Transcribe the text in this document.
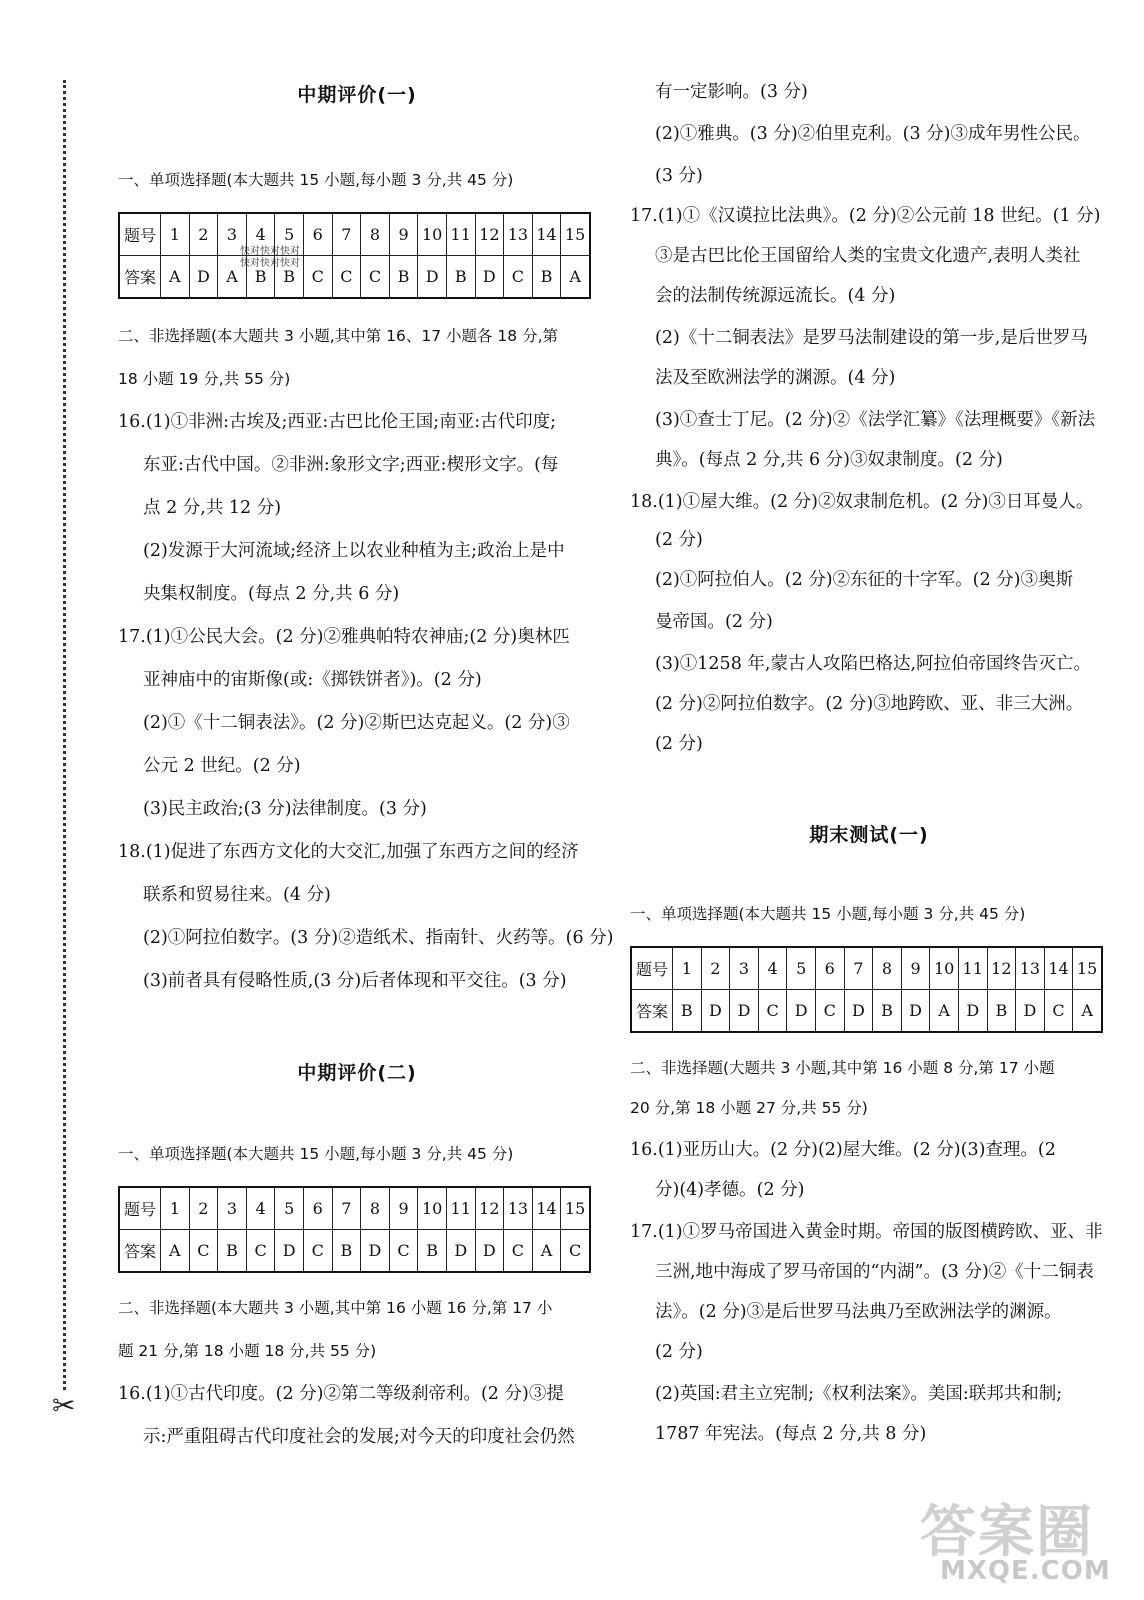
✂
中期评价(一)
一、单项选择题(本大题共 15 小题,每小题 3 分,共 45 分)
题号	1	2	3	4	5	6	7	8	9	10	11	12	13	14	15
答案	A	D	A	B	B	C	C	C	B	D	B	D	C	B	A
快对快对快对
快对快对快对
二、非选择题(本大题共 3 小题,其中第 16、17 小题各 18 分,第
18 小题 19 分,共 55 分)
16.(1)①非洲:古埃及;西亚:古巴比伦王国;南亚:古代印度;
东亚:古代中国。②非洲:象形文字;西亚:楔形文字。(每
点 2 分,共 12 分)
(2)发源于大河流域;经济上以农业种植为主;政治上是中
央集权制度。(每点 2 分,共 6 分)
17.(1)①公民大会。(2 分)②雅典帕特农神庙;(2 分)奥林匹
亚神庙中的宙斯像(或:《掷铁饼者》)。(2 分)
(2)①《十二铜表法》。(2 分)②斯巴达克起义。(2 分)③
公元 2 世纪。(2 分)
(3)民主政治;(3 分)法律制度。(3 分)
18.(1)促进了东西方文化的大交汇,加强了东西方之间的经济
联系和贸易往来。(4 分)
(2)①阿拉伯数字。(3 分)②造纸术、指南针、火药等。(6 分)
(3)前者具有侵略性质,(3 分)后者体现和平交往。(3 分)
中期评价(二)
一、单项选择题(本大题共 15 小题,每小题 3 分,共 45 分)
题号	1	2	3	4	5	6	7	8	9	10	11	12	13	14	15
答案	A	C	B	C	D	C	B	D	C	B	D	D	C	A	C
二、非选择题(本大题共 3 小题,其中第 16 小题 16 分,第 17 小
题 21 分,第 18 小题 18 分,共 55 分)
16.(1)①古代印度。(2 分)②第二等级刹帝利。(2 分)③提
示:严重阻碍古代印度社会的发展;对今天的印度社会仍然
有一定影响。(3 分)
(2)①雅典。(3 分)②伯里克利。(3 分)③成年男性公民。
(3 分)
17.(1)①《汉谟拉比法典》。(2 分)②公元前 18 世纪。(1 分)
③是古巴比伦王国留给人类的宝贵文化遗产,表明人类社
会的法制传统源远流长。(4 分)
(2)《十二铜表法》是罗马法制建设的第一步,是后世罗马
法及至欧洲法学的渊源。(4 分)
(3)①查士丁尼。(2 分)②《法学汇纂》《法理概要》《新法
典》。(每点 2 分,共 6 分)③奴隶制度。(2 分)
18.(1)①屋大维。(2 分)②奴隶制危机。(2 分)③日耳曼人。
(2 分)
(2)①阿拉伯人。(2 分)②东征的十字军。(2 分)③奥斯
曼帝国。(2 分)
(3)①1258 年,蒙古人攻陷巴格达,阿拉伯帝国终告灭亡。
(2 分)②阿拉伯数字。(2 分)③地跨欧、亚、非三大洲。
(2 分)
期末测试(一)
一、单项选择题(本大题共 15 小题,每小题 3 分,共 45 分)
题号	1	2	3	4	5	6	7	8	9	10	11	12	13	14	15
答案	B	D	D	C	D	C	D	B	D	A	D	B	D	C	A
二、非选择题(大题共 3 小题,其中第 16 小题 8 分,第 17 小题
20 分,第 18 小题 27 分,共 55 分)
16.(1)亚历山大。(2 分)(2)屋大维。(2 分)(3)查理。(2
分)(4)孝德。(2 分)
17.(1)①罗马帝国进入黄金时期。帝国的版图横跨欧、亚、非
三洲,地中海成了罗马帝国的“内湖”。(3 分)②《十二铜表
法》。(2 分)③是后世罗马法典乃至欧洲法学的渊源。
(2 分)
(2)英国:君主立宪制;《权利法案》。美国:联邦共和制;
1787 年宪法。(每点 2 分,共 8 分)
答案圈
MXQE.COM
